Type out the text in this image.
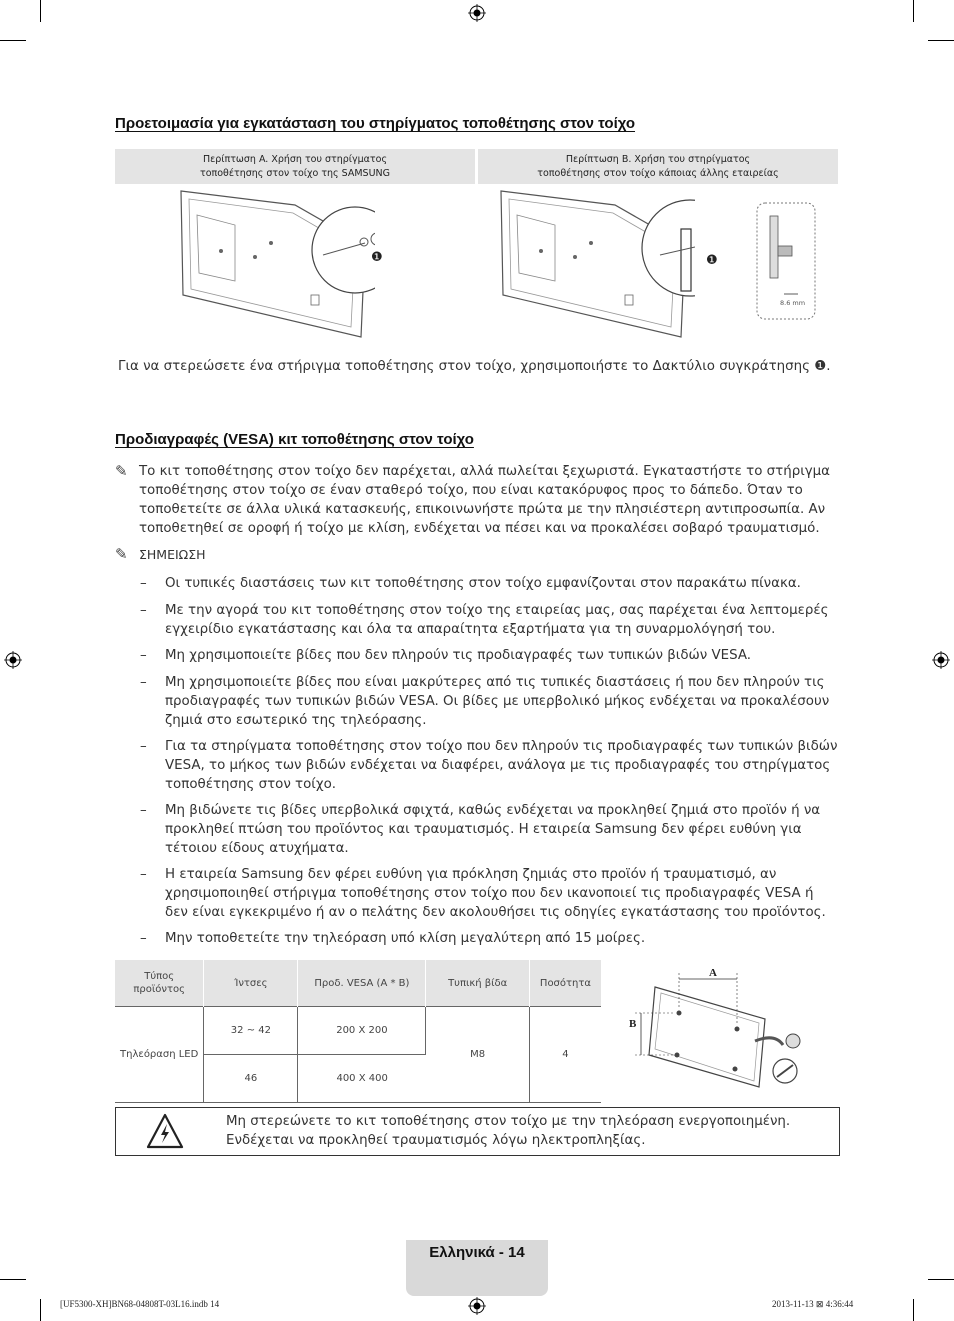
Προετοιμασία για εγκατάσταση του στηρίγματος τοποθέτησης στον τοίχο
Περίπτωση A. Χρήση του στηρίγματος
τοποθέτησης στον τοίχο της SAMSUNG
Περίπτωση B. Χρήση του στηρίγματος
τοποθέτησης στον τοίχο κάποιας άλλης εταιρείας
❶	❶
8.6 mm
Για να στερεώσετε ένα στήριγμα τοποθέτησης στον τοίχο, χρησιμοποιήστε το Δακτύλιο συγκράτησης ❶.
Προδιαγραφές (VESA) κιτ τοποθέτησης στον τοίχο
✎ Το κιτ τοποθέτησης στον τοίχο δεν παρέχεται, αλλά πωλείται ξεχωριστά. Εγκαταστήστε το στήριγμα τοποθέτησης στον τοίχο σε έναν σταθερό τοίχο, που είναι κατακόρυφος προς το δάπεδο. Όταν το τοποθετείτε σε άλλα υλικά κατασκευής, επικοινωνήστε πρώτα με την πλησιέστερη αντιπροσωπία. Αν τοποθετηθεί σε οροφή ή τοίχο με κλίση, ενδέχεται να πέσει και να προκαλέσει σοβαρό τραυματισμό.
✎ ΣΗΜΕΙΩΣΗ
– Οι τυπικές διαστάσεις των κιτ τοποθέτησης στον τοίχο εμφανίζονται στον παρακάτω πίνακα.
– Με την αγορά του κιτ τοποθέτησης στον τοίχο της εταιρείας μας, σας παρέχεται ένα λεπτομερές εγχειρίδιο εγκατάστασης και όλα τα απαραίτητα εξαρτήματα για τη συναρμολόγησή του.
– Μη χρησιμοποιείτε βίδες που δεν πληρούν τις προδιαγραφές των τυπικών βιδών VESA.
– Μη χρησιμοποιείτε βίδες που είναι μακρύτερες από τις τυπικές διαστάσεις ή που δεν πληρούν τις προδιαγραφές των τυπικών βιδών VESA. Οι βίδες με υπερβολικό μήκος ενδέχεται να προκαλέσουν ζημιά στο εσωτερικό της τηλεόρασης.
– Για τα στηρίγματα τοποθέτησης στον τοίχο που δεν πληρούν τις προδιαγραφές των τυπικών βιδών VESA, το μήκος των βιδών ενδέχεται να διαφέρει, ανάλογα με τις προδιαγραφές του στηρίγματος τοποθέτησης στον τοίχο.
– Μη βιδώνετε τις βίδες υπερβολικά σφιχτά, καθώς ενδέχεται να προκληθεί ζημιά στο προϊόν ή να προκληθεί πτώση του προϊόντος και τραυματισμός. Η εταιρεία Samsung δεν φέρει ευθύνη για τέτοιου είδους ατυχήματα.
– Η εταιρεία Samsung δεν φέρει ευθύνη για πρόκληση ζημιάς στο προϊόν ή τραυματισμό, αν χρησιμοποιηθεί στήριγμα τοποθέτησης στον τοίχο που δεν ικανοποιεί τις προδιαγραφές VESA ή δεν είναι εγκεκριμένο ή αν ο πελάτης δεν ακολουθήσει τις οδηγίες εγκατάστασης του προϊόντος.
– Μην τοποθετείτε την τηλεόραση υπό κλίση μεγαλύτερη από 15 μοίρες.
Τύπος
προϊόντος	Ίντσες	Προδ. VESA (A * B)	Τυπική βίδα	Ποσότητα
Τηλεόραση LED	32 ~ 42	200 X 200	M8	4
	46	400 X 400		
A
B
Μη στερεώνετε το κιτ τοποθέτησης στον τοίχο με την τηλεόραση ενεργοποιημένη. Ενδέχεται να προκληθεί τραυματισμός λόγω ηλεκτροπληξίας.
Ελληνικά - 14
[UF5300-XH]BN68-04808T-03L16.indb 14	2013-11-13 ⊠ 4:36:44
